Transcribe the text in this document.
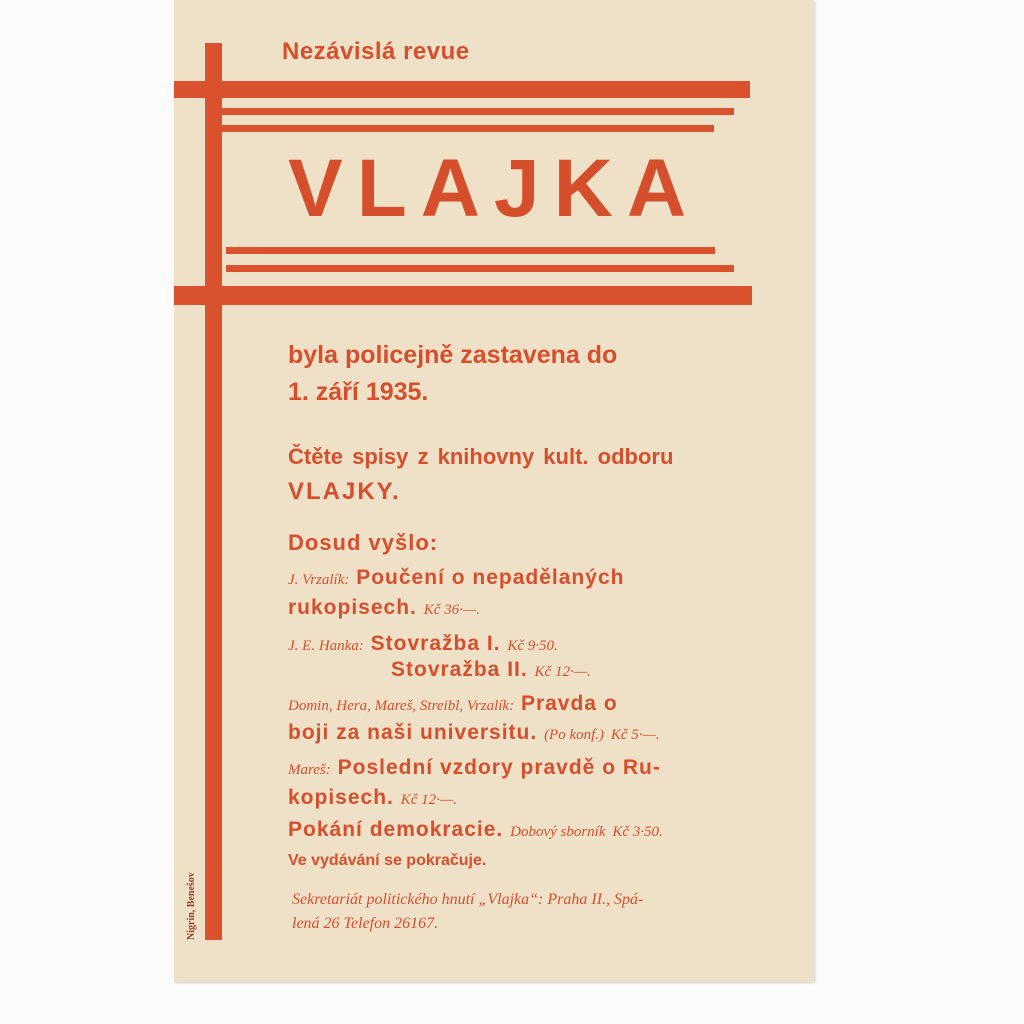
Nezávislá revue
VLAJKA
byla policejně zastavena do
1. září 1935.
Čtěte spisy z knihovny kult. odboru
VLAJKY.
Dosud vyšlo:
J. Vrzalík: Poučení o nepadělaných
rukopisech. Kč 36·—.
J. E. Hanka: Stovražba I. Kč 9·50.
Stovražba II. Kč 12·—.
Domin, Hera, Mareš, Streibl, Vrzalík: Pravda o
boji za naši universitu. (Po konf.) Kč 5·—.
Mareš: Poslední vzdory pravdě o Ru-
kopisech. Kč 12·—.
Pokání demokracie. Dobový sborník Kč 3·50.
Ve vydávání se pokračuje.
Sekretariát politického hnutí „Vlajka“: Praha II., Spá-
lená 26 Telefon 26167.
Nigrin, Benešov
